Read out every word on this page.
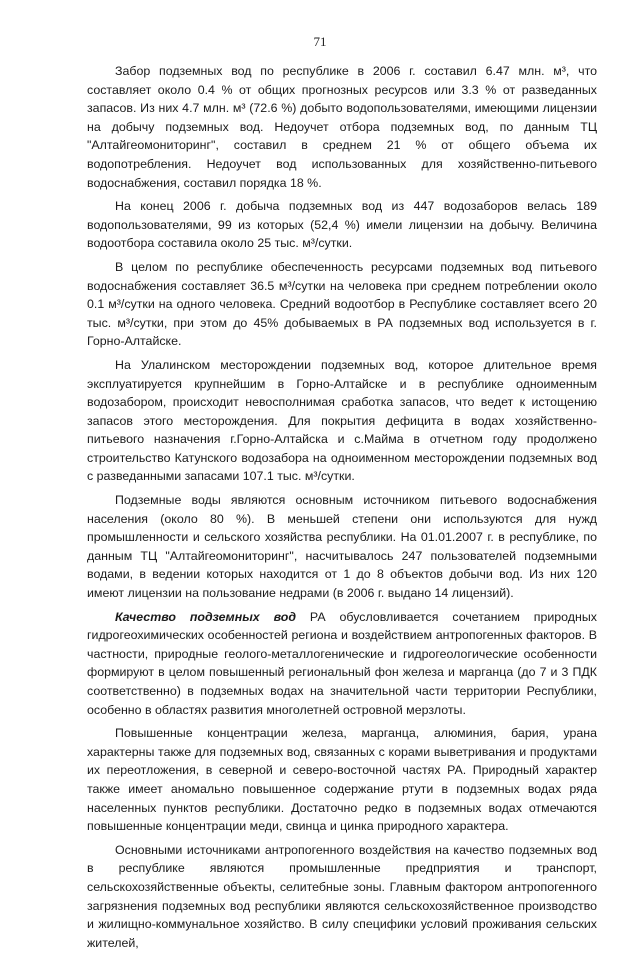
71

Забор подземных вод по республике в 2006 г. составил 6.47 млн. м³, что составляет около 0.4 % от общих прогнозных ресурсов или 3.3 % от разведанных запасов. Из них 4.7 млн. м³ (72.6 %) добыто водопользователями, имеющими лицензии на добычу подземных вод. Недоучет отбора подземных вод, по данным ТЦ "Алтайгеомониторинг", составил в среднем 21 % от общего объема их водопотребления. Недоучет вод использованных для хозяйственно-питьевого водоснабжения, составил порядка 18 %.

На конец 2006 г. добыча подземных вод из 447 водозаборов велась 189 водопользователями, 99 из которых (52,4 %) имели лицензии на добычу. Величина водоотбора составила около 25 тыс. м³/сутки.

В целом по республике обеспеченность ресурсами подземных вод питьевого водоснабжения составляет 36.5 м³/сутки на человека при среднем потреблении около 0.1 м³/сутки на одного человека. Средний водоотбор в Республике составляет всего 20 тыс. м³/сутки, при этом до 45% добываемых в РА подземных вод используется в г. Горно-Алтайске.

На Улалинском месторождении подземных вод, которое длительное время эксплуатируется крупнейшим в Горно-Алтайске и в республике одноименным водозабором, происходит невосполнимая сработка запасов, что ведет к истощению запасов этого месторождения. Для покрытия дефицита в водах хозяйственно-питьевого назначения г.Горно-Алтайска и с.Майма в отчетном году продолжено строительство Катунского водозабора на одноименном месторождении подземных вод с разведанными запасами 107.1 тыс. м³/сутки.

Подземные воды являются основным источником питьевого водоснабжения населения (около 80 %). В меньшей степени они используются для нужд промышленности и сельского хозяйства республики. На 01.01.2007 г. в республике, по данным ТЦ "Алтайгеомониторинг", насчитывалось 247 пользователей подземными водами, в ведении которых находится от 1 до 8 объектов добычи вод. Из них 120 имеют лицензии на пользование недрами (в 2006 г. выдано 14 лицензий).

Качество подземных вод РА обусловливается сочетанием природных гидрогеохимических особенностей региона и воздействием антропогенных факторов. В частности, природные геолого-металлогенические и гидрогеологические особенности формируют в целом повышенный региональный фон железа и марганца (до 7 и 3 ПДК соответственно) в подземных водах на значительной части территории Республики, особенно в областях развития многолетней островной мерзлоты.

Повышенные концентрации железа, марганца, алюминия, бария, урана характерны также для подземных вод, связанных с корами выветривания и продуктами их переотложения, в северной и северо-восточной частях РА. Природный характер также имеет аномально повышенное содержание ртути в подземных водах ряда населенных пунктов республики. Достаточно редко в подземных водах отмечаются повышенные концентрации меди, свинца и цинка природного характера.

Основными источниками антропогенного воздействия на качество подземных вод в республике являются промышленные предприятия и транспорт, сельскохозяйственные объекты, селитебные зоны. Главным фактором антропогенного загрязнения подземных вод республики являются сельскохозяйственное производство и жилищно-коммунальное хозяйство. В силу специфики условий проживания сельских жителей,
